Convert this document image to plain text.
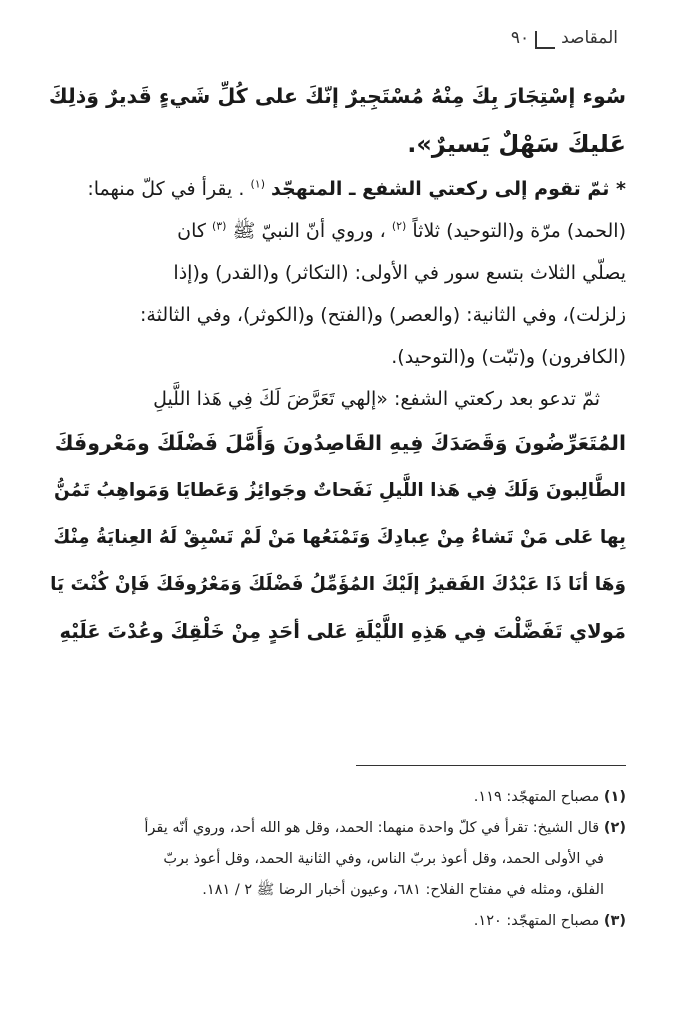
المقاصد
٩٠

سُوء إسْتِجَارَ بِكَ مِنْهُ مُسْتَجِيرٌ إنّكَ على كُلِّ شَيءٍ قَديرٌ وَذلِكَ

عَليكَ سَهْلٌ يَسيرٌ».

* ثمّ تقوم إلى ركعتي الشفع ـ المتهجّد $^{(١)}$ . يقرأ في كلّ منهما:

(الحمد) مرّة و(التوحيد) ثلاثاً $^{(٢)}$ ، وروي أنّ النبيّ ﷺ $^{(٣)}$ كان

يصلّي الثلاث بتسع سور في الأولى: (التكاثر) و(القدر) و(إذا

زلزلت)، وفي الثانية: (والعصر) و(الفتح) و(الكوثر)، وفي الثالثة:

(الكافرون) و(تبّت) و(التوحيد).

ثمّ تدعو بعد ركعتي الشفع: «إلهي تَعَرَّضَ لَكَ فِي هَذا اللَّيلِ

المُتَعَرِّضُونَ وَقَصَدَكَ فِيهِ القَاصِدُونَ وَأَمَّلَ فَضْلَكَ ومَعْروفَكَ

الطَّالِبونَ وَلَكَ فِي هَذا اللَّيلِ نَفَحاتٌ وجَوائِزُ وَعَطايَا وَمَواهِبُ تَمُنُّ

بِها عَلى مَنْ تَشاءُ مِنْ عِبادِكَ وَتَمْنَعُها مَنْ لَمْ تَسْبِقْ لَهُ العِنايَةُ مِنْكَ

وَهَا أنَا ذَا عَبْدُكَ الفَقيرُ إلَيْكَ المُؤَمِّلُ فَضْلَكَ وَمَعْرُوفَكَ فَإنْ كُنْتَ يَا

مَولاي تَفَضَّلْتَ فِي هَذِهِ اللَّيْلَةِ عَلى أحَدٍ مِنْ خَلْقِكَ وعُدْتَ عَلَيْهِ

(١) مصباح المتهجّد: ١١٩.

(٢) قال الشيخ: تقرأ في كلّ واحدة منهما: الحمد، وقل هو الله أحد، وروي أنّه يقرأ

في الأولى الحمد، وقل أعوذ بربّ الناس، وفي الثانية الحمد، وقل أعوذ بربّ

الفلق، ومثله في مفتاح الفلاح: ٦٨١، وعيون أخبار الرضا ﷺ ٢ / ١٨١.

(٣) مصباح المتهجّد: ١٢٠.
